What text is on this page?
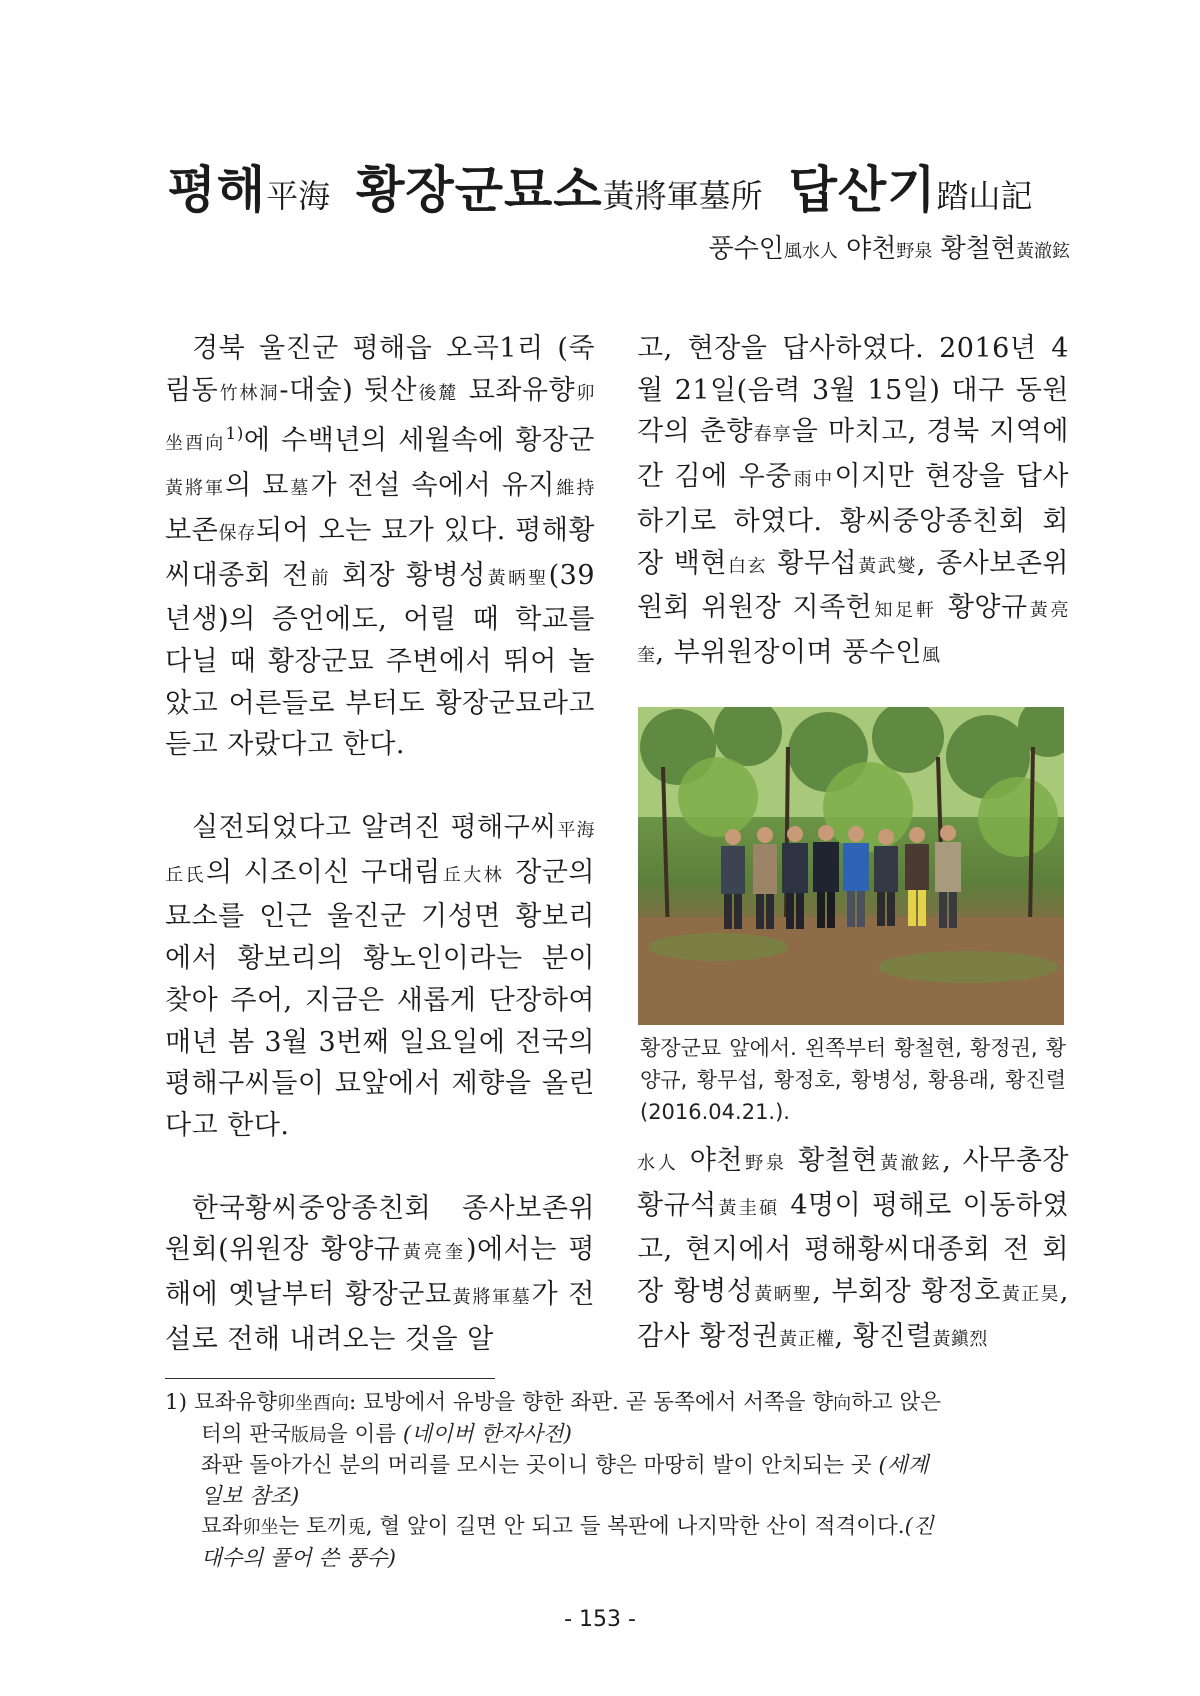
평해平海 황장군묘소黃將軍墓所 답산기踏山記
풍수인風水人 야천野泉 황철현黃澈鉉

경북 울진군 평해읍 오곡1리 (죽림동竹林洞-대숲) 뒷산後麓 묘좌유향卯坐酉向$^{1)}$에 수백년의 세월속에 황장군黃將軍의 묘墓가 전설 속에서 유지維持 보존保存되어 오는 묘가 있다. 평해황씨대종회 전前 회장 황병성黃昞聖(39년생)의 증언에도, 어릴 때 학교를 다닐 때 황장군묘 주변에서 뛰어 놀았고 어른들로 부터도 황장군묘라고 듣고 자랐다고 한다.

실전되었다고 알려진 평해구씨平海丘氏의 시조이신 구대림丘大林 장군의 묘소를 인근 울진군 기성면 황보리에서 황보리의 황노인이라는 분이 찾아 주어, 지금은 새롭게 단장하여 매년 봄 3월 3번째 일요일에 전국의 평해구씨들이 묘앞에서 제향을 올린다고 한다.

한국황씨중앙종친회 종사보존위원회(위원장 황양규黃亮奎)에서는 평해에 옛날부터 황장군묘黃將軍墓가 전설로 전해 내려오는 것을 알

고, 현장을 답사하였다. 2016년 4월 21일(음력 3월 15일) 대구 동원각의 춘향春享을 마치고, 경북 지역에 간 김에 우중雨中이지만 현장을 답사하기로 하였다. 황씨중앙종친회 회장 백현白玄 황무섭黃武燮, 종사보존위원회 위원장 지족헌知足軒 황양규黃亮奎, 부위원장이며 풍수인風

황장군묘 앞에서. 왼쪽부터 황철현, 황정권, 황양규, 황무섭, 황정호, 황병성, 황용래, 황진렬 (2016.04.21.).

水人 야천野泉 황철현黃澈鉉, 사무총장 황규석黃圭碩 4명이 평해로 이동하였고, 현지에서 평해황씨대종회 전 회장 황병성黃昞聖, 부회장 황정호黃正昊, 감사 황정권黃正權, 황진렬黃鎭烈

1) 묘좌유향卯坐酉向: 묘방에서 유방을 향한 좌판. 곧 동쪽에서 서쪽을 향向하고 앉은

터의 판국版局을 이름 (네이버 한자사전)

좌판 돌아가신 분의 머리를 모시는 곳이니 향은 마땅히 발이 안치되는 곳 (세계

일보 참조)

묘좌卯坐는 토끼兎, 혈 앞이 길면 안 되고 들 복판에 나지막한 산이 적격이다.(진

대수의 풀어 쓴 풍수)

- 153 -
